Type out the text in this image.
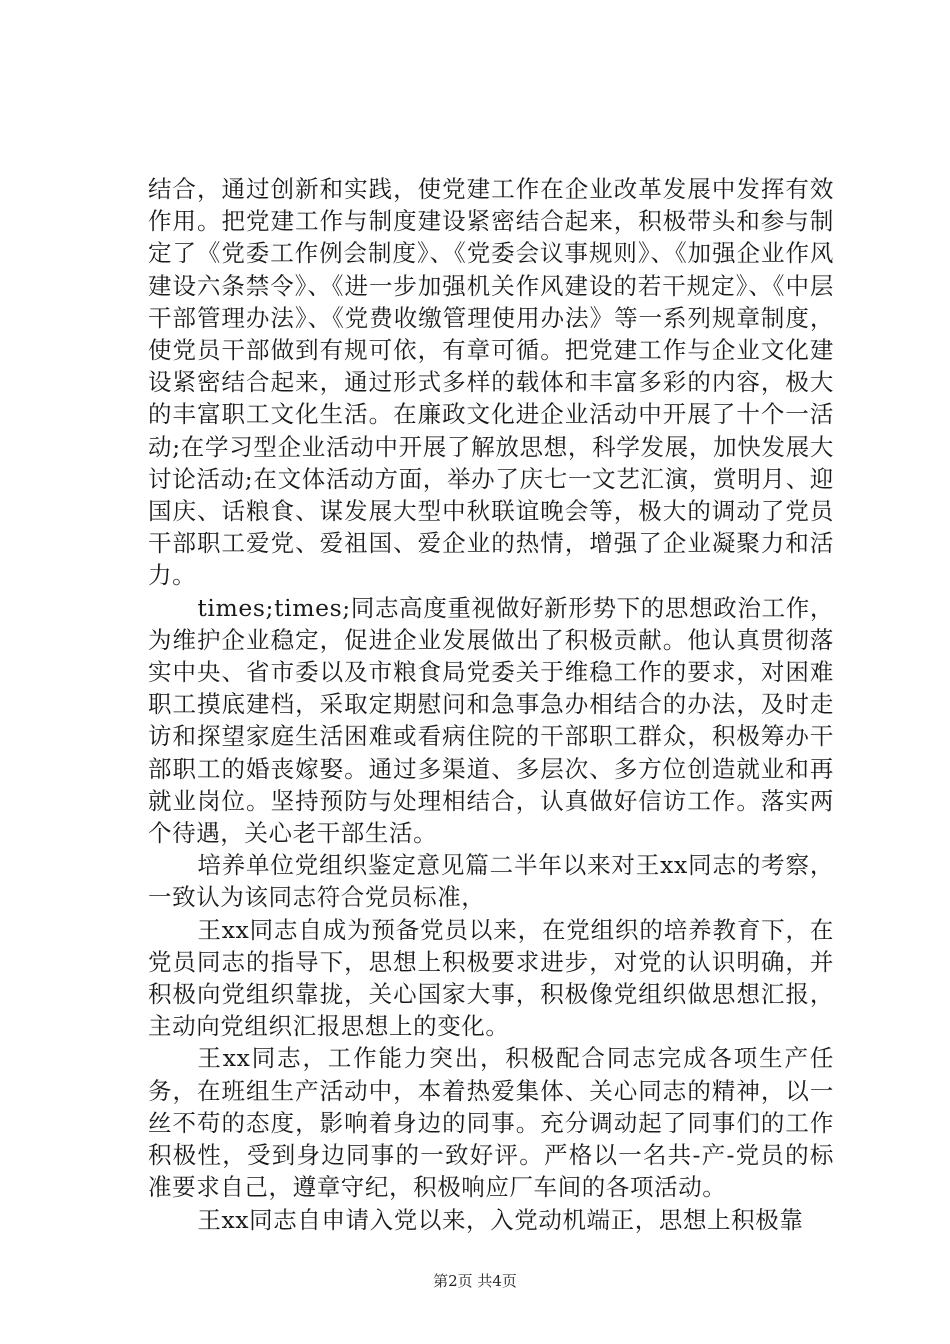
结合，通过创新和实践，使党建工作在企业改革发展中发挥有效作用。把党建工作与制度建设紧密结合起来，积极带头和参与制定了《党委工作例会制度》、《党委会议事规则》、《加强企业作风建设六条禁令》、《进一步加强机关作风建设的若干规定》、《中层干部管理办法》、《党费收缴管理使用办法》等一系列规章制度，使党员干部做到有规可依，有章可循。把党建工作与企业文化建设紧密结合起来，通过形式多样的载体和丰富多彩的内容，极大的丰富职工文化生活。在廉政文化进企业活动中开展了十个一活动;在学习型企业活动中开展了解放思想，科学发展，加快发展大讨论活动;在文体活动方面，举办了庆七一文艺汇演，赏明月、迎国庆、话粮食、谋发展大型中秋联谊晚会等，极大的调动了党员干部职工爱党、爱祖国、爱企业的热情，增强了企业凝聚力和活力。

times;times;同志高度重视做好新形势下的思想政治工作，为维护企业稳定，促进企业发展做出了积极贡献。他认真贯彻落实中央、省市委以及市粮食局党委关于维稳工作的要求，对困难职工摸底建档，采取定期慰问和急事急办相结合的办法，及时走访和探望家庭生活困难或看病住院的干部职工群众，积极筹办干部职工的婚丧嫁娶。通过多渠道、多层次、多方位创造就业和再就业岗位。坚持预防与处理相结合，认真做好信访工作。落实两个待遇，关心老干部生活。

培养单位党组织鉴定意见篇二半年以来对王xx同志的考察，一致认为该同志符合党员标准，

王xx同志自成为预备党员以来，在党组织的培养教育下，在党员同志的指导下，思想上积极要求进步，对党的认识明确，并积极向党组织靠拢，关心国家大事，积极像党组织做思想汇报，主动向党组织汇报思想上的变化。

王xx同志，工作能力突出，积极配合同志完成各项生产任务，在班组生产活动中，本着热爱集体、关心同志的精神，以一丝不苟的态度，影响着身边的同事。充分调动起了同事们的工作积极性，受到身边同事的一致好评。严格以一名共-产-党员的标准要求自己，遵章守纪，积极响应厂车间的各项活动。

王xx同志自申请入党以来，入党动机端正，思想上积极靠

第2页 共4页
